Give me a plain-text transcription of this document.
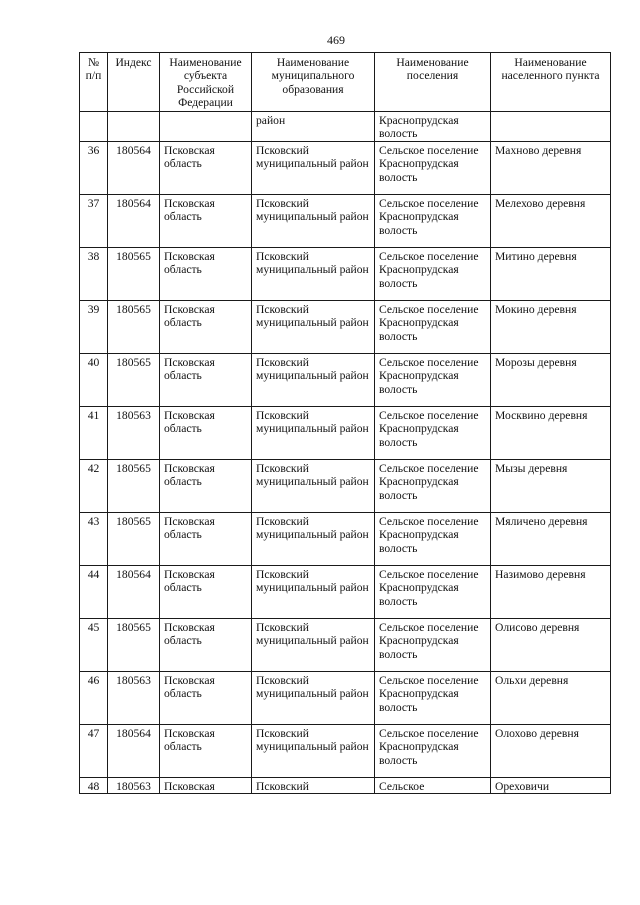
469
№ п/п	Индекс	Наименование субъекта Российской Федерации	Наименование муниципального образования	Наименование поселения	Наименование населенного пункта
			район	Краснопрудская волость	
36	180564	Псковская область	Псковский муниципальный район	Сельское поселение Краснопрудская волость	Махново деревня
37	180564	Псковская область	Псковский муниципальный район	Сельское поселение Краснопрудская волость	Мелехово деревня
38	180565	Псковская область	Псковский муниципальный район	Сельское поселение Краснопрудская волость	Митино деревня
39	180565	Псковская область	Псковский муниципальный район	Сельское поселение Краснопрудская волость	Мокино деревня
40	180565	Псковская область	Псковский муниципальный район	Сельское поселение Краснопрудская волость	Морозы деревня
41	180563	Псковская область	Псковский муниципальный район	Сельское поселение Краснопрудская волость	Москвино деревня
42	180565	Псковская область	Псковский муниципальный район	Сельское поселение Краснопрудская волость	Мызы деревня
43	180565	Псковская область	Псковский муниципальный район	Сельское поселение Краснопрудская волость	Мяличено деревня
44	180564	Псковская область	Псковский муниципальный район	Сельское поселение Краснопрудская волость	Назимово деревня
45	180565	Псковская область	Псковский муниципальный район	Сельское поселение Краснопрудская волость	Олисово деревня
46	180563	Псковская область	Псковский муниципальный район	Сельское поселение Краснопрудская волость	Ольхи деревня
47	180564	Псковская область	Псковский муниципальный район	Сельское поселение Краснопрудская волость	Олохово деревня
48	180563	Псковская	Псковский	Сельское	Ореховичи
